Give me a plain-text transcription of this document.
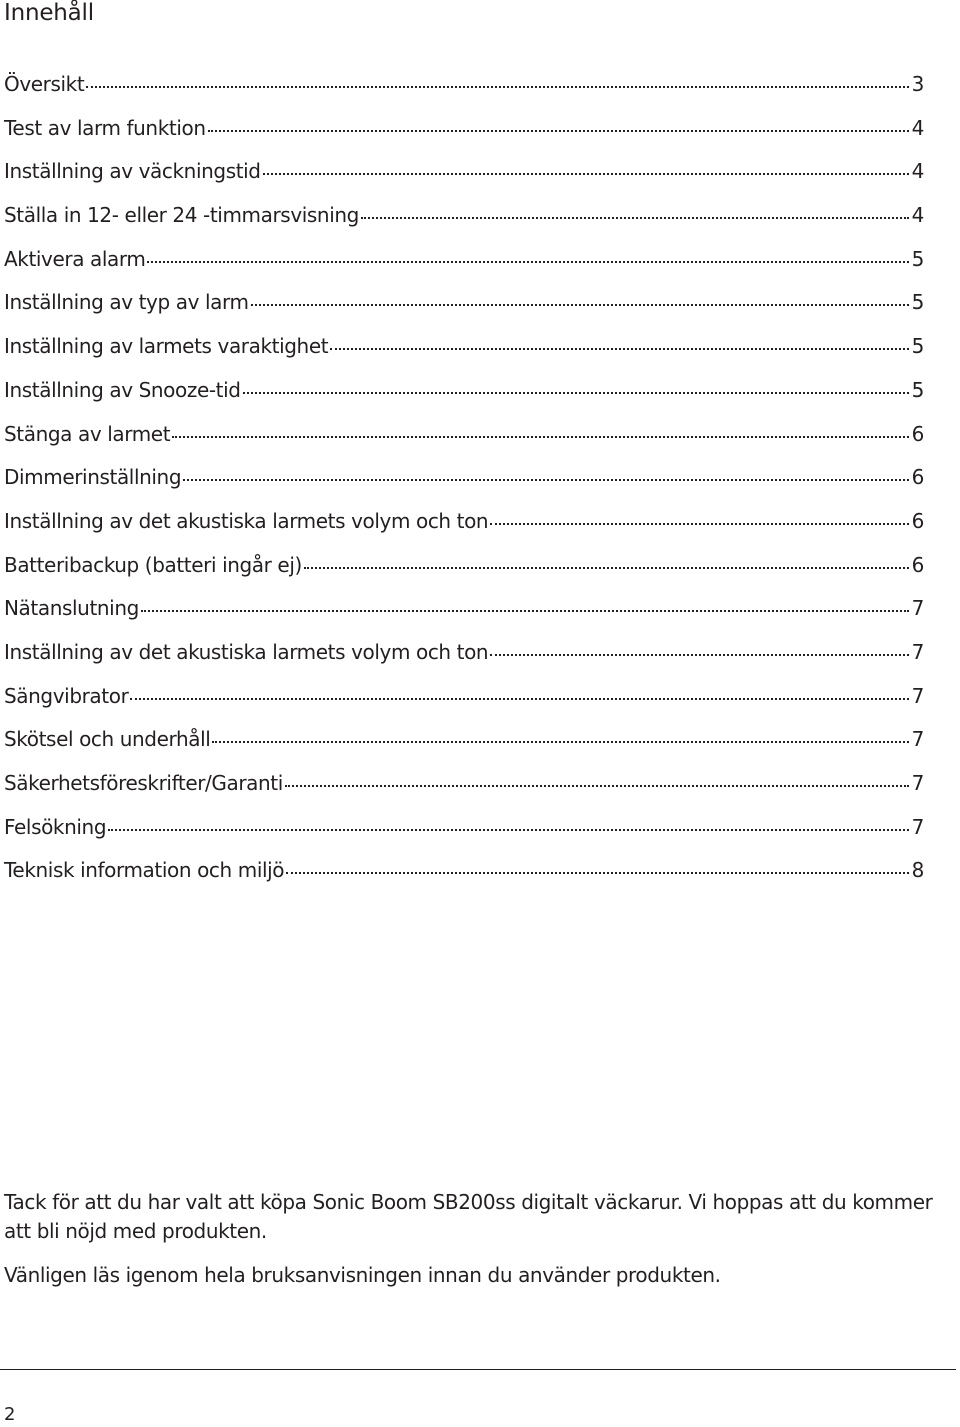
Innehåll
Översikt	3
Test av larm funktion	4
Inställning av väckningstid	4
Ställa in 12- eller 24 -timmarsvisning	4
Aktivera alarm	5
Inställning av typ av larm	5
Inställning av larmets varaktighet	5
Inställning av Snooze-tid	5
Stänga av larmet	6
Dimmerinställning	6
Inställning av det akustiska larmets volym och ton	6
Batteribackup (batteri ingår ej)	6
Nätanslutning	7
Inställning av det akustiska larmets volym och ton	7
Sängvibrator	7
Skötsel och underhåll	7
Säkerhetsföreskrifter/Garanti	7
Felsökning	7
Teknisk information och miljö	8

Tack för att du har valt att köpa Sonic Boom SB200ss digitalt väckarur. Vi hoppas att du kommer att bli nöjd med produkten.

Vänligen läs igenom hela bruksanvisningen innan du använder produkten.

2
